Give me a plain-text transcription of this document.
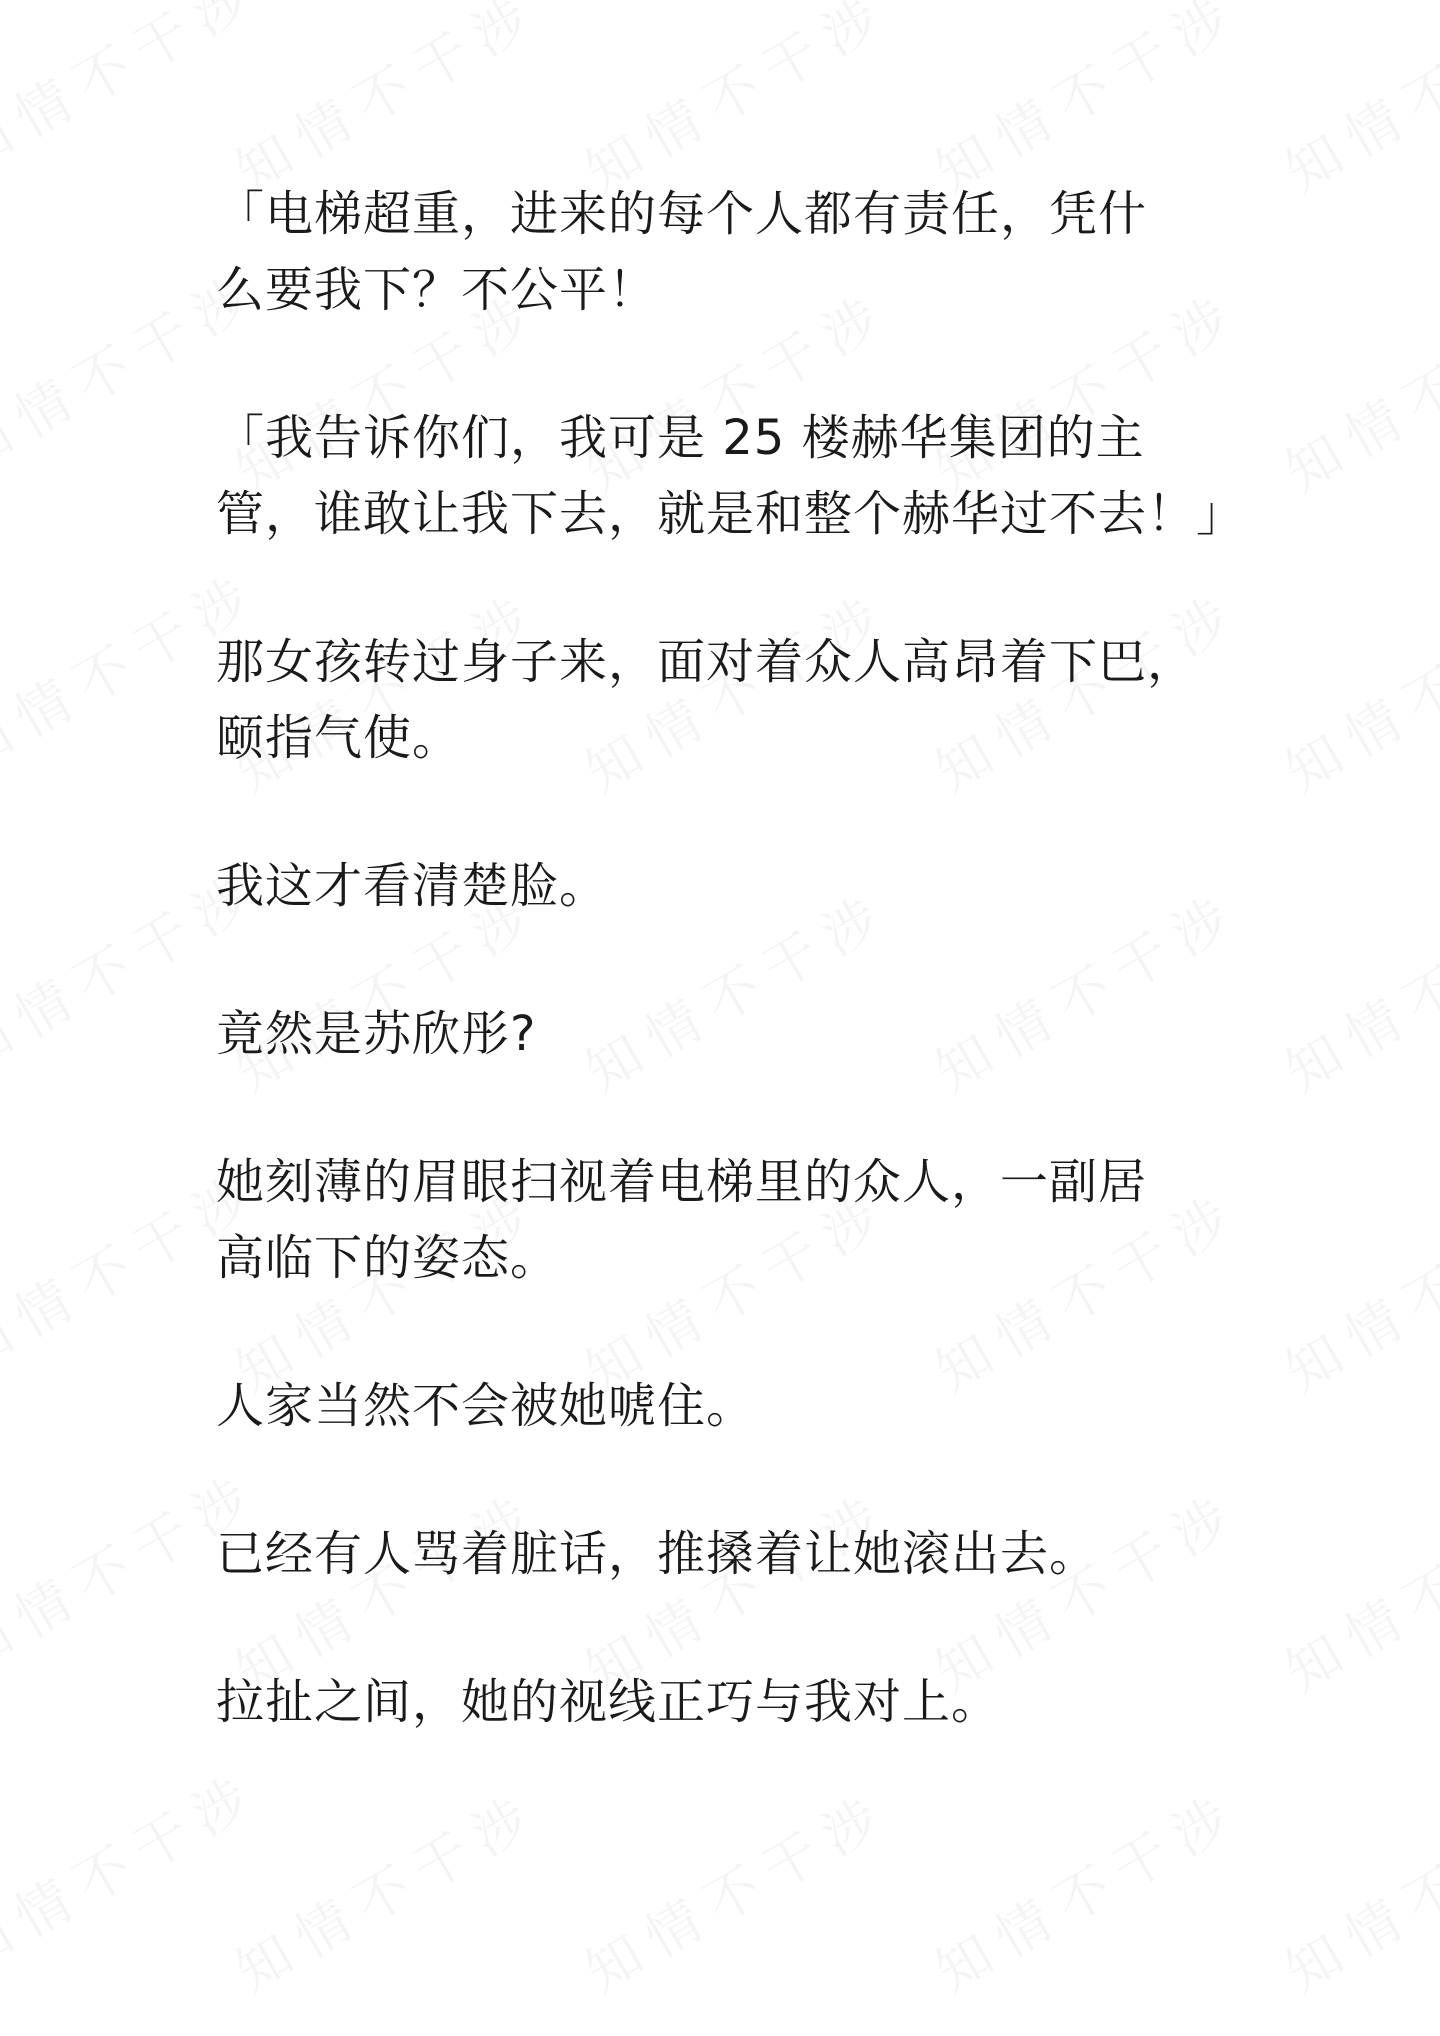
「电梯超重，进来的每个人都有责任，凭什
么要我下？不公平！

「我告诉你们，我可是 25 楼赫华集团的主
管，谁敢让我下去，就是和整个赫华过不去！」

那女孩转过身子来，面对着众人高昂着下巴，
颐指气使。

我这才看清楚脸。

竟然是苏欣彤?

她刻薄的眉眼扫视着电梯里的众人，一副居
高临下的姿态。

人家当然不会被她唬住。

已经有人骂着脏话，推搡着让她滚出去。

拉扯之间，她的视线正巧与我对上。
